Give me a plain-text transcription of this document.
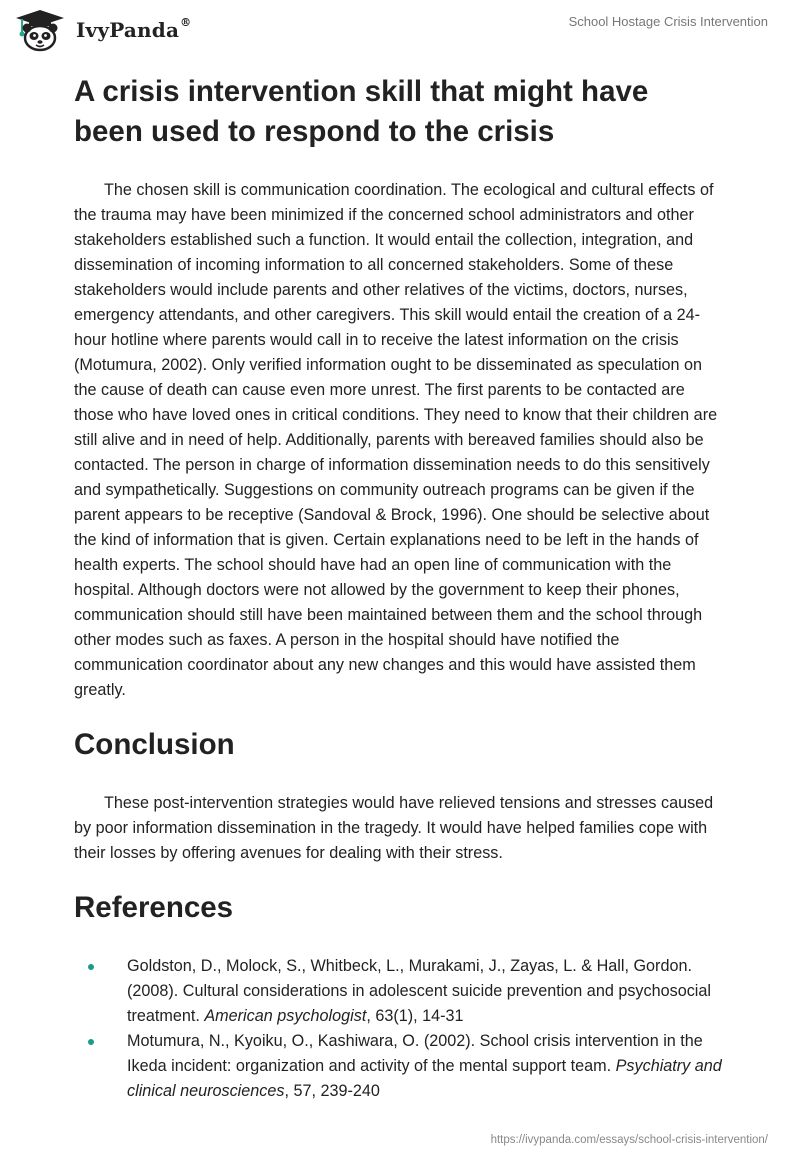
IvyPanda®	School Hostage Crisis Intervention
A crisis intervention skill that might have been used to respond to the crisis

The chosen skill is communication coordination. The ecological and cultural effects of the trauma may have been minimized if the concerned school administrators and other stakeholders established such a function. It would entail the collection, integration, and dissemination of incoming information to all concerned stakeholders. Some of these stakeholders would include parents and other relatives of the victims, doctors, nurses, emergency attendants, and other caregivers. This skill would entail the creation of a 24-hour hotline where parents would call in to receive the latest information on the crisis (Motumura, 2002). Only verified information ought to be disseminated as speculation on the cause of death can cause even more unrest. The first parents to be contacted are those who have loved ones in critical conditions. They need to know that their children are still alive and in need of help. Additionally, parents with bereaved families should also be contacted. The person in charge of information dissemination needs to do this sensitively and sympathetically. Suggestions on community outreach programs can be given if the parent appears to be receptive (Sandoval & Brock, 1996). One should be selective about the kind of information that is given. Certain explanations need to be left in the hands of health experts. The school should have had an open line of communication with the hospital. Although doctors were not allowed by the government to keep their phones, communication should still have been maintained between them and the school through other modes such as faxes. A person in the hospital should have notified the communication coordinator about any new changes and this would have assisted them greatly.

Conclusion

These post-intervention strategies would have relieved tensions and stresses caused by poor information dissemination in the tragedy. It would have helped families cope with their losses by offering avenues for dealing with their stress.

References
Goldston, D., Molock, S., Whitbeck, L., Murakami, J., Zayas, L. & Hall, Gordon. (2008). Cultural considerations in adolescent suicide prevention and psychosocial treatment. American psychologist, 63(1), 14-31
Motumura, N., Kyoiku, O., Kashiwara, O. (2002). School crisis intervention in the Ikeda incident: organization and activity of the mental support team. Psychiatry and clinical neurosciences, 57, 239-240
https://ivypanda.com/essays/school-crisis-intervention/
